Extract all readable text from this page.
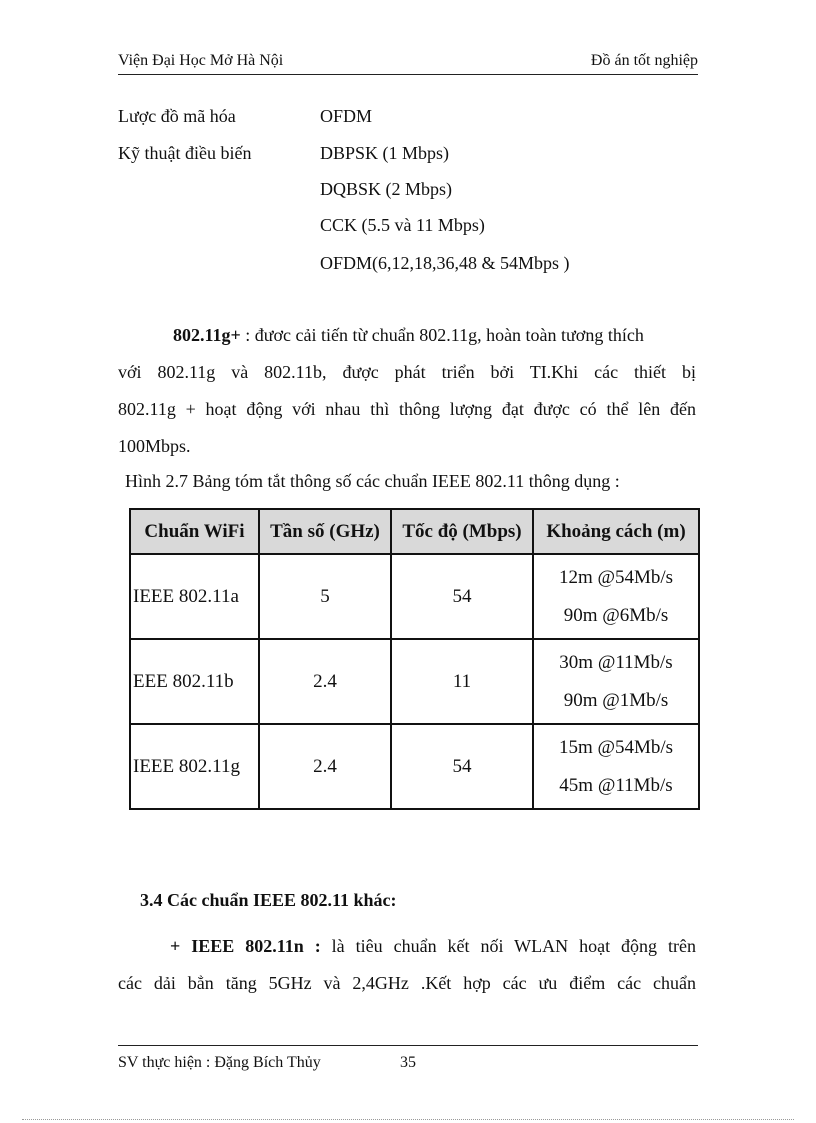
Viện Đại Học Mở Hà Nội	Đồ án tốt nghiệp
Lược đồ mã hóa	OFDM
Kỹ thuật điều biến	DBPSK (1 Mbps)
DQBSK (2 Mbps)
CCK (5.5 và 11 Mbps)
OFDM(6,12,18,36,48 & 54Mbps )
802.11g+ : đươc cải tiến từ chuẩn 802.11g, hoàn toàn tương thích
với 802.11g và 802.11b, được phát triển bởi TI.Khi các thiết bị
802.11g + hoạt động với nhau thì thông lượng đạt được có thể lên đến
100Mbps.
Hình 2.7 Bảng tóm tắt thông số các chuẩn IEEE 802.11 thông dụng :
Chuẩn WiFi	Tần số (GHz)	Tốc độ (Mbps)	Khoảng cách (m)
IEEE 802.11a	5	54	12m @54Mb/s
90m @6Mb/s

EEE 802.11b	2.4	11	30m @11Mb/s
90m @1Mb/s

IEEE 802.11g	2.4	54	15m @54Mb/s
45m @11Mb/s
3.4 Các chuẩn IEEE 802.11 khác:
+ IEEE 802.11n : là tiêu chuẩn kết nối WLAN hoạt động trên
các dải bẳn tăng 5GHz và 2,4GHz .Kết hợp các ưu điểm các chuẩn
SV thực hiện : Đặng Bích Thủy	35
